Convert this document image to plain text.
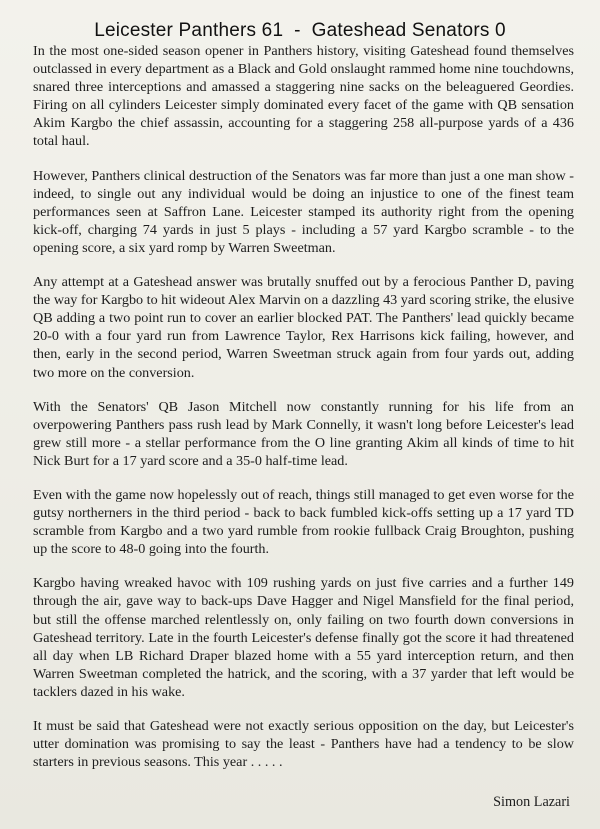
Leicester Panthers 61  -  Gateshead Senators 0

In the most one-sided season opener in Panthers history, visiting Gateshead found themselves outclassed in every department as a Black and Gold onslaught rammed home nine touchdowns, snared three interceptions and amassed a staggering nine sacks on the beleaguered Geordies. Firing on all cylinders Leicester simply dominated every facet of the game with QB sensation Akim Kargbo the chief assassin, accounting for a staggering 258 all-purpose yards of a 436 total haul.

However, Panthers clinical destruction of the Senators was far more than just a one man show - indeed, to single out any individual would be doing an injustice to one of the finest team performances seen at Saffron Lane. Leicester stamped its authority right from the opening kick-off, charging 74 yards in just 5 plays - including a 57 yard Kargbo scramble - to the opening score, a six yard romp by Warren Sweetman.

Any attempt at a Gateshead answer was brutally snuffed out by a ferocious Panther D, paving the way for Kargbo to hit wideout Alex Marvin on a dazzling 43 yard scoring strike, the elusive QB adding a two point run to cover an earlier blocked PAT. The Panthers' lead quickly became 20-0 with a four yard run from Lawrence Taylor, Rex Harrisons kick failing, however, and then, early in the second period, Warren Sweetman struck again from four yards out, adding two more on the conversion.

With the Senators' QB Jason Mitchell now constantly running for his life from an overpowering Panthers pass rush lead by Mark Connelly, it wasn't long before Leicester's lead grew still more - a stellar performance from the O line granting Akim all kinds of time to hit Nick Burt for a 17 yard score and a 35-0 half-time lead.

Even with the game now hopelessly out of reach, things still managed to get even worse for the gutsy northerners in the third period - back to back fumbled kick-offs setting up a 17 yard TD scramble from Kargbo and a two yard rumble from rookie fullback Craig Broughton, pushing up the score to 48-0 going into the fourth.

Kargbo having wreaked havoc with 109 rushing yards on just five carries and a further 149 through the air, gave way to back-ups Dave Hagger and Nigel Mansfield for the final period, but still the offense marched relentlessly on, only failing on two fourth down conversions in Gateshead territory. Late in the fourth Leicester's defense finally got the score it had threatened all day when LB Richard Draper blazed home with a 55 yard interception return, and then Warren Sweetman completed the hatrick, and the scoring, with a 37 yarder that left would be tacklers dazed in his wake.

It must be said that Gateshead were not exactly serious opposition on the day, but Leicester's utter domination was promising to say the least - Panthers have had a tendency to be slow starters in previous seasons. This year . . . . .

Simon Lazari
